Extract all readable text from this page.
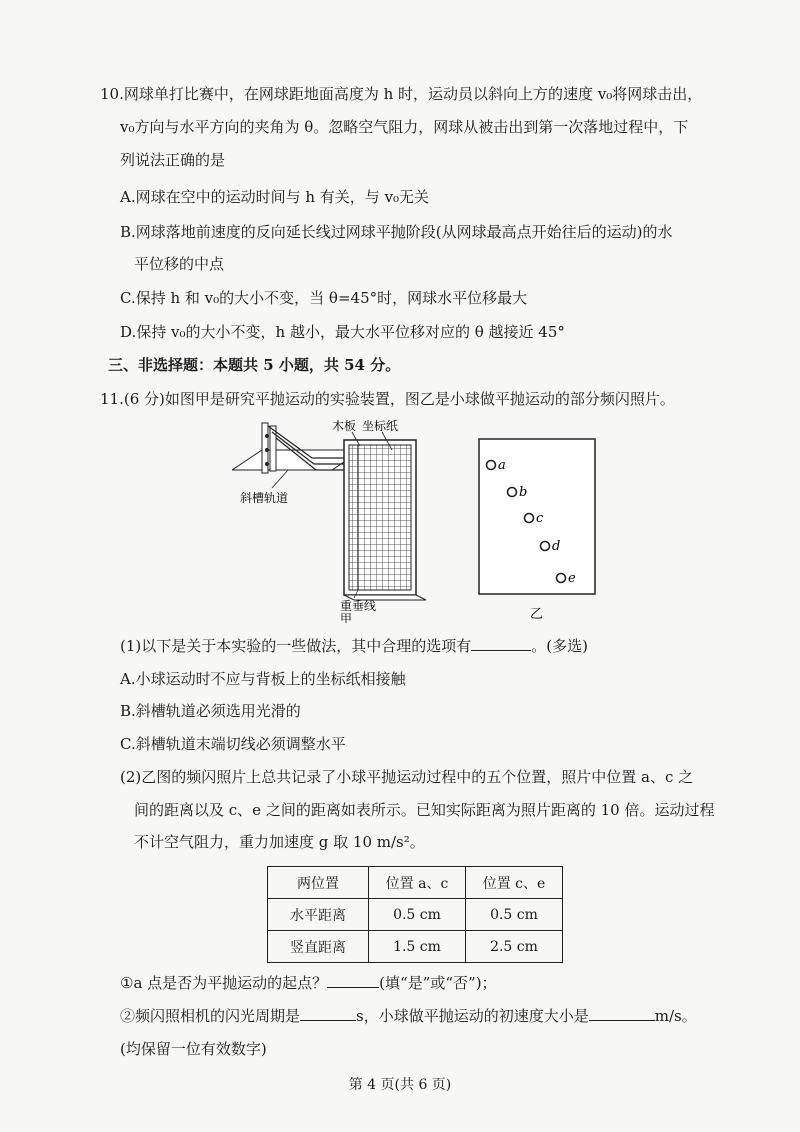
10.网球单打比赛中，在网球距地面高度为 h 时，运动员以斜向上方的速度 v₀将网球击出，
v₀方向与水平方向的夹角为 θ。忽略空气阻力，网球从被击出到第一次落地过程中，下
列说法正确的是
A.网球在空中的运动时间与 h 有关，与 v₀无关
B.网球落地前速度的反向延长线过网球平抛阶段(从网球最高点开始往后的运动)的水
平位移的中点
C.保持 h 和 v₀的大小不变，当 θ=45°时，网球水平位移最大
D.保持 v₀的大小不变，h 越小，最大水平位移对应的 θ 越接近 45°
三、非选择题：本题共 5 小题，共 54 分。
11.(6 分)如图甲是研究平抛运动的实验装置，图乙是小球做平抛运动的部分频闪照片。
木板 坐标纸
斜槽轨道
重垂线
甲
a
b
c
d
e
乙
(1)以下是关于本实验的一些做法，其中合理的选项有	。(多选)
A.小球运动时不应与背板上的坐标纸相接触
B.斜槽轨道必须选用光滑的
C.斜槽轨道末端切线必须调整水平
(2)乙图的频闪照片上总共记录了小球平抛运动过程中的五个位置，照片中位置 a、c 之
间的距离以及 c、e 之间的距离如表所示。已知实际距离为照片距离的 10 倍。运动过程
不计空气阻力，重力加速度 g 取 10 m/s²。
两位置	位置 a、c	位置 c、e
水平距离	0.5 cm	0.5 cm
竖直距离	1.5 cm	2.5 cm
①a 点是否为平抛运动的起点？	(填“是”或“否”)；
②频闪照相机的闪光周期是	s，小球做平抛运动的初速度大小是	m/s。
(均保留一位有效数字)
第 4 页(共 6 页)
